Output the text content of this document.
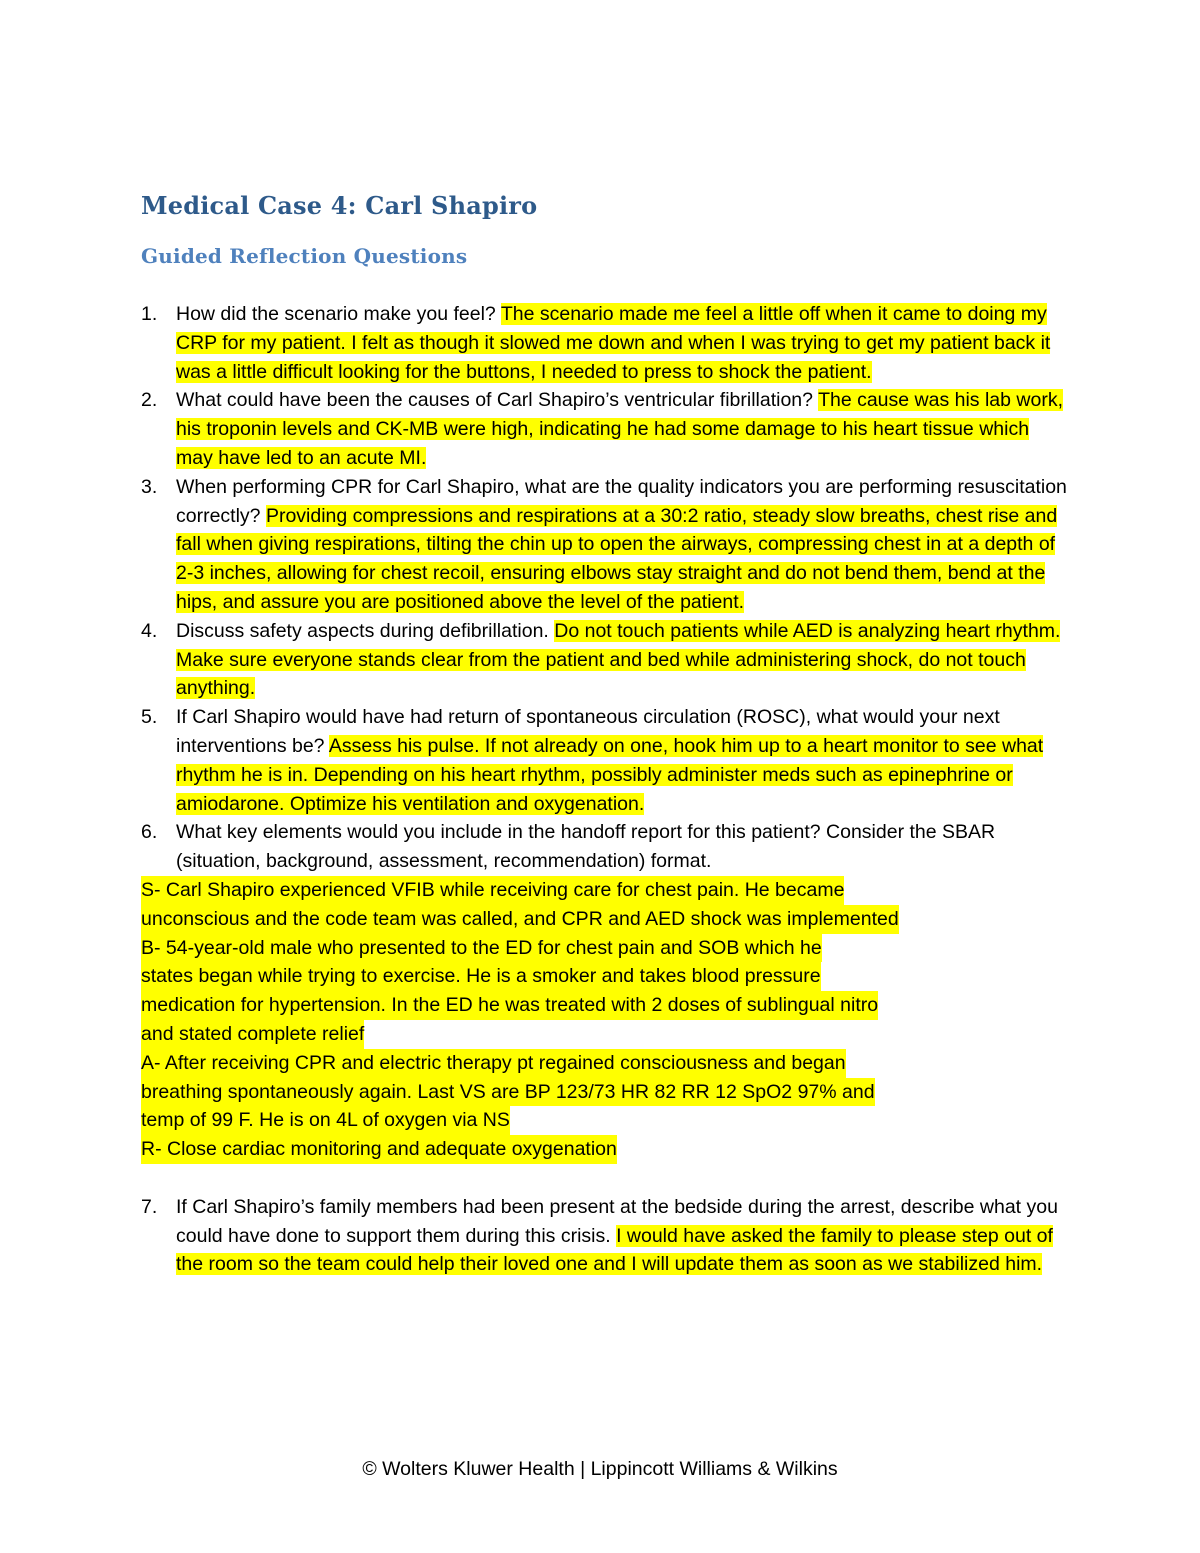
Medical Case 4: Carl Shapiro
Guided Reflection Questions
1. How did the scenario make you feel? The scenario made me feel a little off when it came to doing my CRP for my patient. I felt as though it slowed me down and when I was trying to get my patient back it was a little difficult looking for the buttons, I needed to press to shock the patient.
2. What could have been the causes of Carl Shapiro’s ventricular fibrillation? The cause was his lab work, his troponin levels and CK-MB were high, indicating he had some damage to his heart tissue which may have led to an acute MI.
3. When performing CPR for Carl Shapiro, what are the quality indicators you are performing resuscitation correctly? Providing compressions and respirations at a 30:2 ratio, steady slow breaths, chest rise and fall when giving respirations, tilting the chin up to open the airways, compressing chest in at a depth of 2-3 inches, allowing for chest recoil, ensuring elbows stay straight and do not bend them, bend at the hips, and assure you are positioned above the level of the patient.
4. Discuss safety aspects during defibrillation. Do not touch patients while AED is analyzing heart rhythm. Make sure everyone stands clear from the patient and bed while administering shock, do not touch anything.
5. If Carl Shapiro would have had return of spontaneous circulation (ROSC), what would your next interventions be? Assess his pulse. If not already on one, hook him up to a heart monitor to see what rhythm he is in. Depending on his heart rhythm, possibly administer meds such as epinephrine or amiodarone. Optimize his ventilation and oxygenation.
6. What key elements would you include in the handoff report for this patient? Consider the SBAR (situation, background, assessment, recommendation) format.
S- Carl Shapiro experienced VFIB while receiving care for chest pain. He became
unconscious and the code team was called, and CPR and AED shock was implemented
B- 54-year-old male who presented to the ED for chest pain and SOB which he
states began while trying to exercise. He is a smoker and takes blood pressure
medication for hypertension. In the ED he was treated with 2 doses of sublingual nitro
and stated complete relief
A- After receiving CPR and electric therapy pt regained consciousness and began
breathing spontaneously again. Last VS are BP 123/73 HR 82 RR 12 SpO2 97% and
temp of 99 F. He is on 4L of oxygen via NS
R- Close cardiac monitoring and adequate oxygenation
7. If Carl Shapiro’s family members had been present at the bedside during the arrest, describe what you could have done to support them during this crisis. I would have asked the family to please step out of the room so the team could help their loved one and I will update them as soon as we stabilized him.
© Wolters Kluwer Health | Lippincott Williams & Wilkins
